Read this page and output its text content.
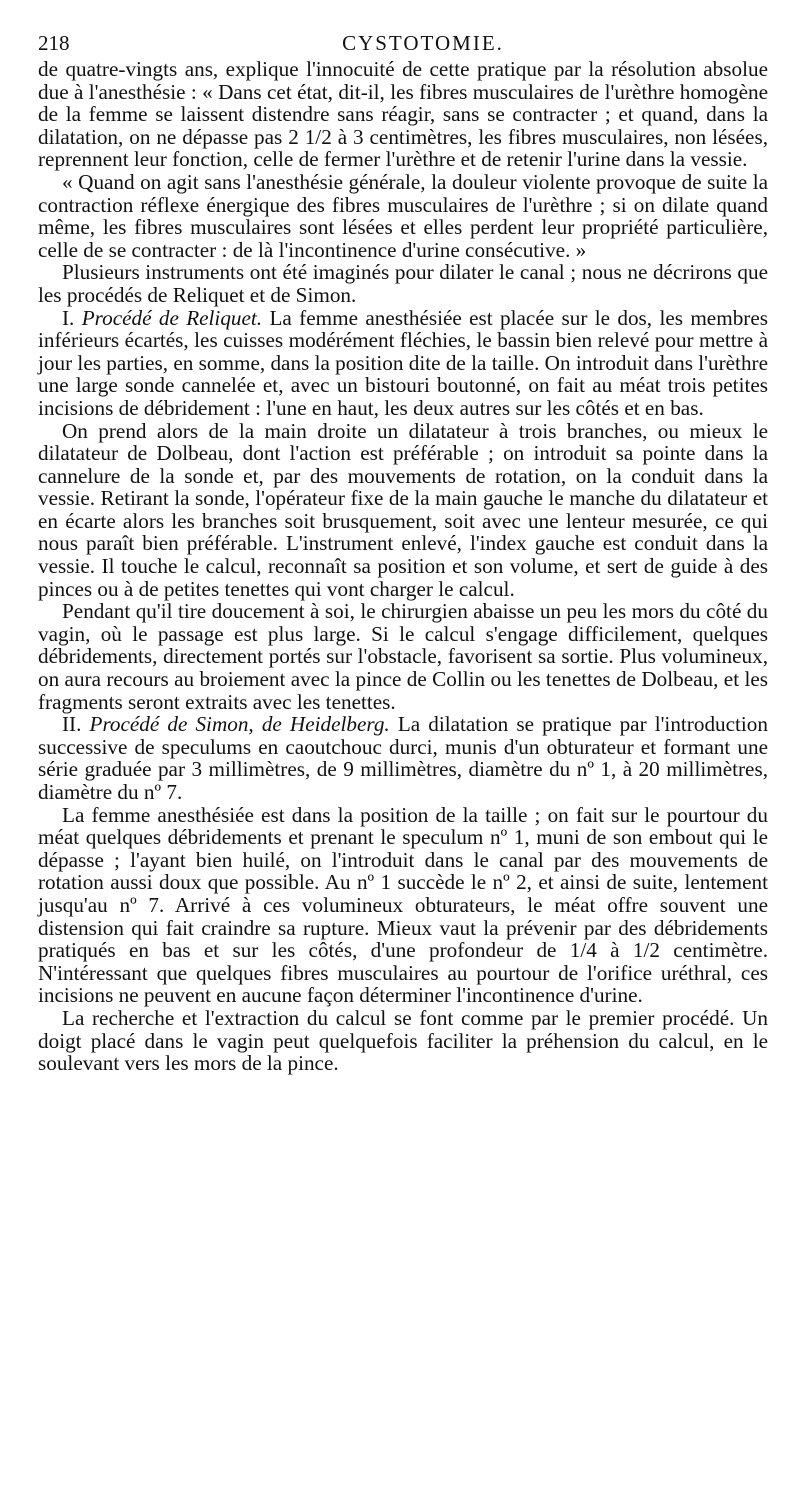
218	CYSTOTOMIE.

de quatre-vingts ans, explique l'innocuité de cette pratique par la résolution absolue due à l'anesthésie : « Dans cet état, dit-il, les fibres musculaires de l'urèthre homogène de la femme se laissent distendre sans réagir, sans se contracter ; et quand, dans la dilatation, on ne dépasse pas 2 1/2 à 3 centimètres, les fibres musculaires, non lésées, reprennent leur fonction, celle de fermer l'urèthre et de retenir l'urine dans la vessie.

« Quand on agit sans l'anesthésie générale, la douleur violente provoque de suite la contraction réflexe énergique des fibres musculaires de l'urèthre ; si on dilate quand même, les fibres musculaires sont lésées et elles perdent leur propriété particulière, celle de se contracter : de là l'incontinence d'urine consécutive. »

Plusieurs instruments ont été imaginés pour dilater le canal ; nous ne décrirons que les procédés de Reliquet et de Simon.

I. Procédé de Reliquet. La femme anesthésiée est placée sur le dos, les membres inférieurs écartés, les cuisses modérément fléchies, le bassin bien relevé pour mettre à jour les parties, en somme, dans la position dite de la taille. On introduit dans l'urèthre une large sonde cannelée et, avec un bistouri boutonné, on fait au méat trois petites incisions de débridement : l'une en haut, les deux autres sur les côtés et en bas.

On prend alors de la main droite un dilatateur à trois branches, ou mieux le dilatateur de Dolbeau, dont l'action est préférable ; on introduit sa pointe dans la cannelure de la sonde et, par des mouvements de rotation, on la conduit dans la vessie. Retirant la sonde, l'opérateur fixe de la main gauche le manche du dilatateur et en écarte alors les branches soit brusquement, soit avec une lenteur mesurée, ce qui nous paraît bien préférable. L'instrument enlevé, l'index gauche est conduit dans la vessie. Il touche le calcul, reconnaît sa position et son volume, et sert de guide à des pinces ou à de petites tenettes qui vont charger le calcul.

Pendant qu'il tire doucement à soi, le chirurgien abaisse un peu les mors du côté du vagin, où le passage est plus large. Si le calcul s'engage difficilement, quelques débridements, directement portés sur l'obstacle, favorisent sa sortie. Plus volumineux, on aura recours au broiement avec la pince de Collin ou les tenettes de Dolbeau, et les fragments seront extraits avec les tenettes.

II. Procédé de Simon, de Heidelberg. La dilatation se pratique par l'introduction successive de speculums en caoutchouc durci, munis d'un obturateur et formant une série graduée par 3 millimètres, de 9 millimètres, diamètre du nº 1, à 20 millimètres, diamètre du nº 7.

La femme anesthésiée est dans la position de la taille ; on fait sur le pourtour du méat quelques débridements et prenant le speculum nº 1, muni de son embout qui le dépasse ; l'ayant bien huilé, on l'introduit dans le canal par des mouvements de rotation aussi doux que possible. Au nº 1 succède le nº 2, et ainsi de suite, lentement jusqu'au nº 7. Arrivé à ces volumineux obturateurs, le méat offre souvent une distension qui fait craindre sa rupture. Mieux vaut la prévenir par des débridements pratiqués en bas et sur les côtés, d'une profondeur de 1/4 à 1/2 centimètre. N'intéressant que quelques fibres musculaires au pourtour de l'orifice uréthral, ces incisions ne peuvent en aucune façon déterminer l'incontinence d'urine.

La recherche et l'extraction du calcul se font comme par le premier procédé. Un doigt placé dans le vagin peut quelquefois faciliter la préhension du calcul, en le soulevant vers les mors de la pince.
